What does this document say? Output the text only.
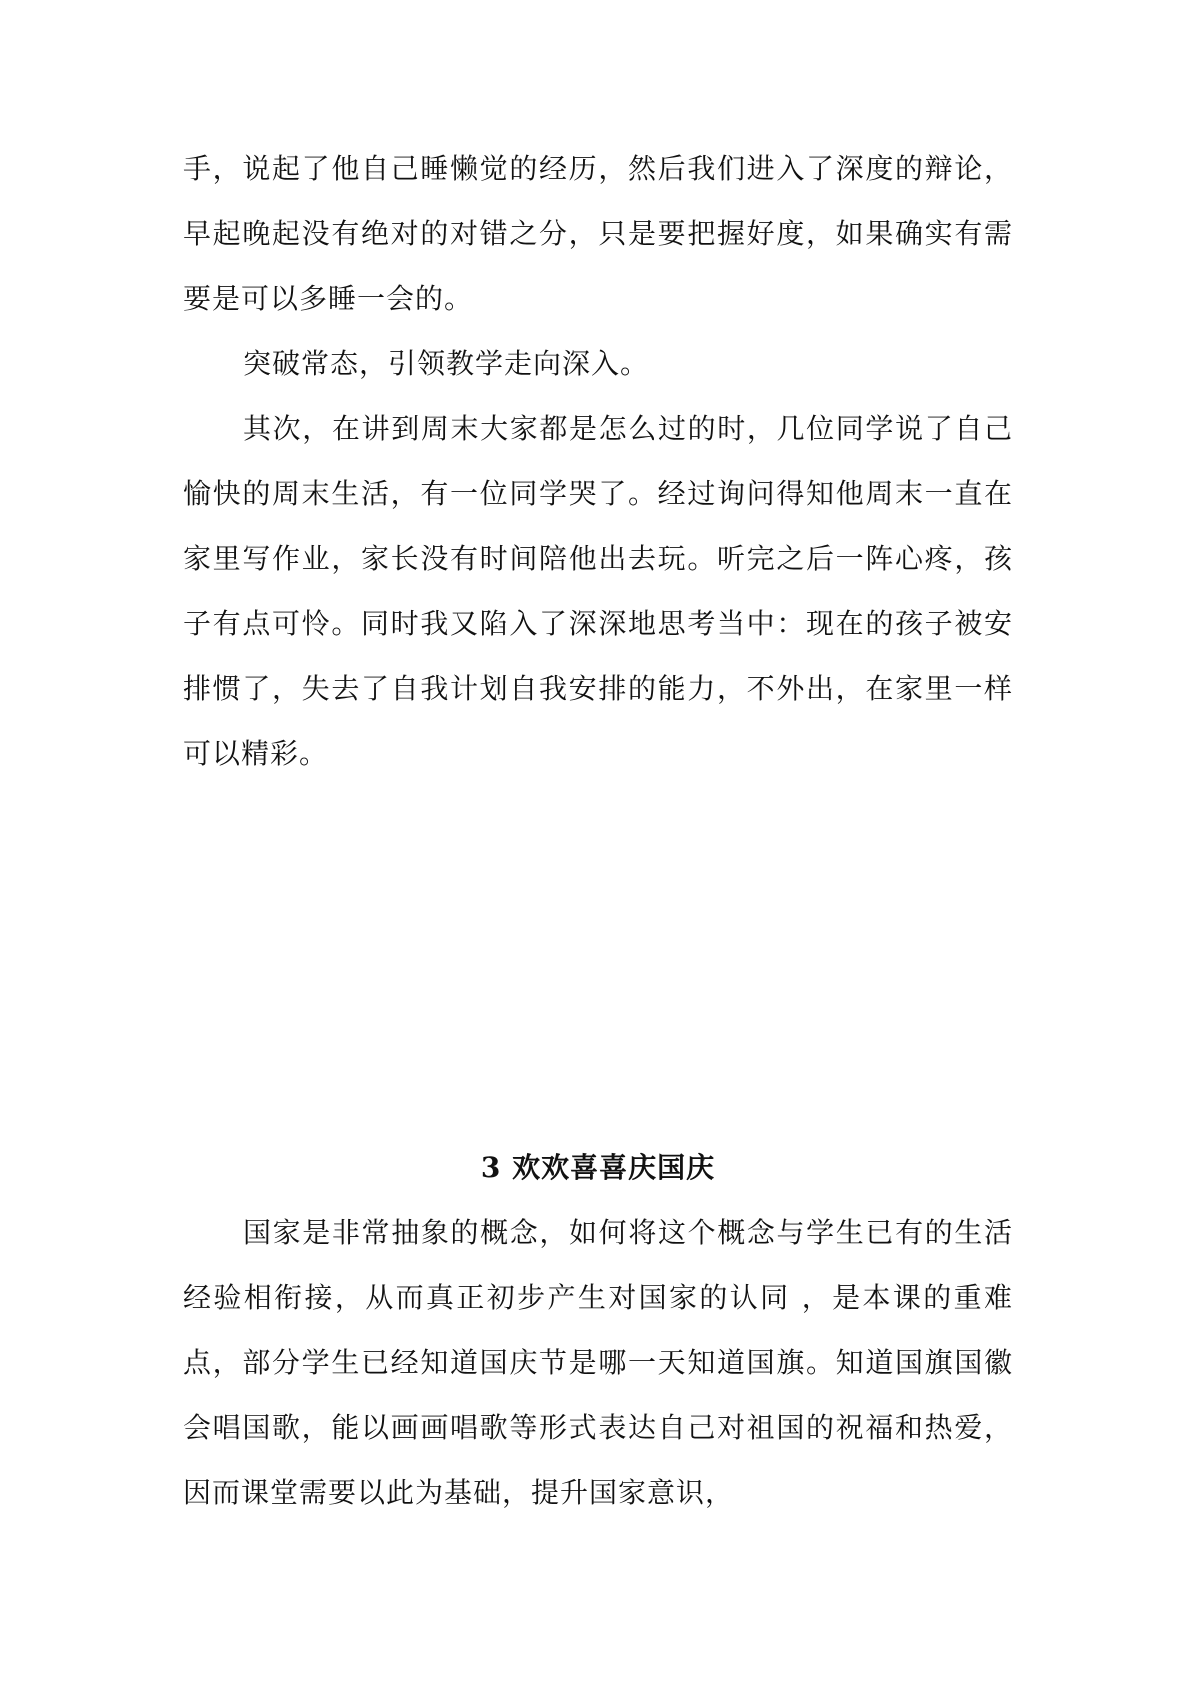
手，说起了他自己睡懒觉的经历，然后我们进入了深度的辩论，早起晚起没有绝对的对错之分，只是要把握好度，如果确实有需要是可以多睡一会的。

突破常态，引领教学走向深入。

其次，在讲到周末大家都是怎么过的时，几位同学说了自己愉快的周末生活，有一位同学哭了。经过询问得知他周末一直在家里写作业，家长没有时间陪他出去玩。听完之后一阵心疼，孩子有点可怜。同时我又陷入了深深地思考当中：现在的孩子被安排惯了，失去了自我计划自我安排的能力，不外出，在家里一样可以精彩。

3 欢欢喜喜庆国庆

国家是非常抽象的概念，如何将这个概念与学生已有的生活经验相衔接，从而真正初步产生对国家的认同 ，是本课的重难点，部分学生已经知道国庆节是哪一天知道国旗。知道国旗国徽会唱国歌，能以画画唱歌等形式表达自己对祖国的祝福和热爱，因而课堂需要以此为基础，提升国家意识，
